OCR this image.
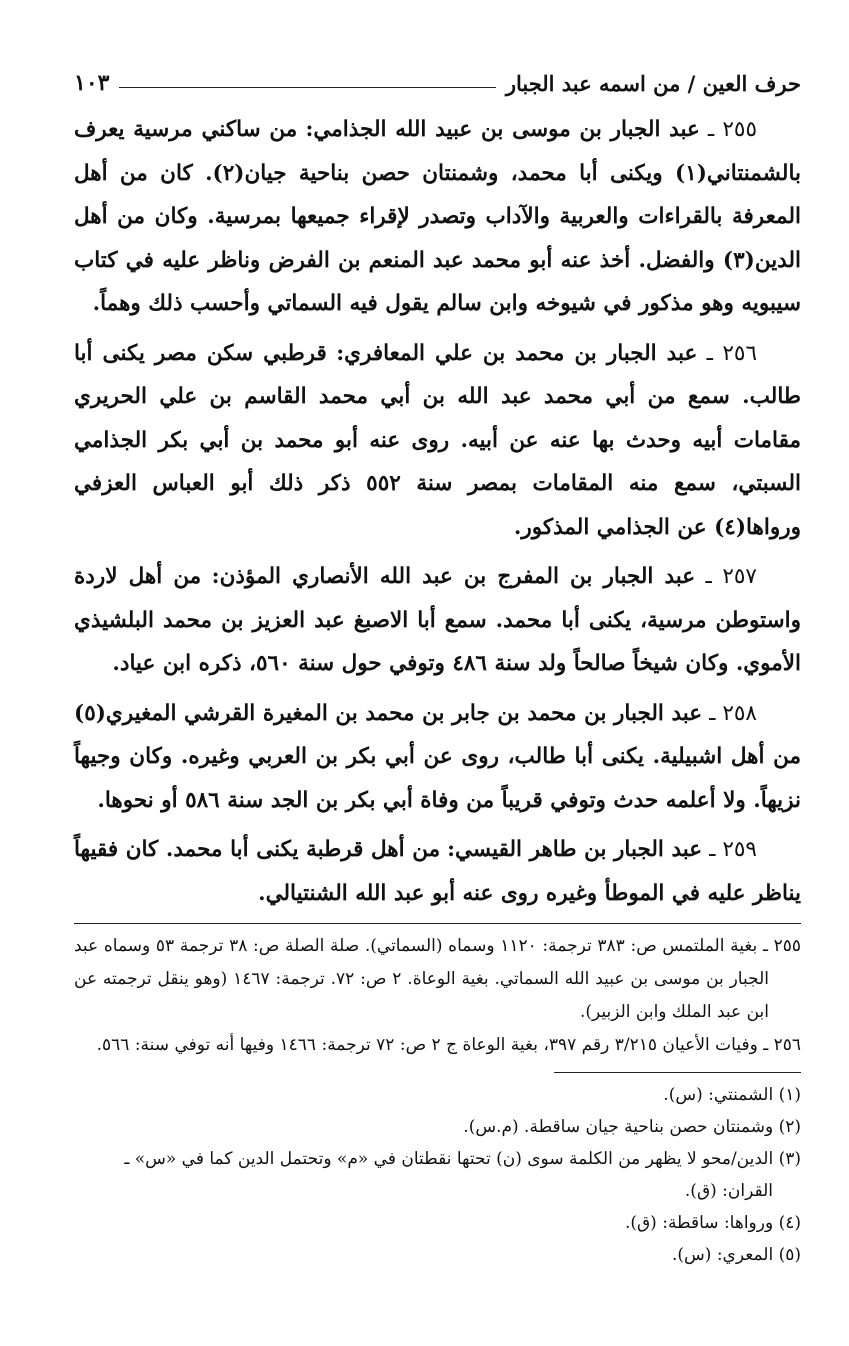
حرف العين / من اسمه عبد الجبار
١٠٣

٢٥٥ ـ عبد الجبار بن موسى بن عبيد الله الجذامي: من ساكني مرسية يعرف بالشمنتاني(١) ويكنى أبا محمد، وشمنتان حصن بناحية جيان(٢). كان من أهل المعرفة بالقراءات والعربية والآداب وتصدر لإقراء جميعها بمرسية. وكان من أهل الدين(٣) والفضل. أخذ عنه أبو محمد عبد المنعم بن الفرض وناظر عليه في كتاب سيبويه وهو مذكور في شيوخه وابن سالم يقول فيه السماتي وأحسب ذلك وهماً.

٢٥٦ ـ عبد الجبار بن محمد بن علي المعافري: قرطبي سكن مصر يكنى أبا طالب. سمع من أبي محمد عبد الله بن أبي محمد القاسم بن علي الحريري مقامات أبيه وحدث بها عنه عن أبيه. روى عنه أبو محمد بن أبي بكر الجذامي السبتي، سمع منه المقامات بمصر سنة ٥٥٢ ذكر ذلك أبو العباس العزفي ورواها(٤) عن الجذامي المذكور.

٢٥٧ ـ عبد الجبار بن المفرج بن عبد الله الأنصاري المؤذن: من أهل لاردة واستوطن مرسية، يكنى أبا محمد. سمع أبا الاصبغ عبد العزيز بن محمد البلشيذي الأموي. وكان شيخاً صالحاً ولد سنة ٤٨٦ وتوفي حول سنة ٥٦٠، ذكره ابن عياد.

٢٥٨ ـ عبد الجبار بن محمد بن جابر بن محمد بن المغيرة القرشي المغيري(٥) من أهل اشبيلية. يكنى أبا طالب، روى عن أبي بكر بن العربي وغيره. وكان وجيهاً نزيهاً. ولا أعلمه حدث وتوفي قريباً من وفاة أبي بكر بن الجد سنة ٥٨٦ أو نحوها.

٢٥٩ ـ عبد الجبار بن طاهر القيسي: من أهل قرطبة يكنى أبا محمد. كان فقيهاً يناظر عليه في الموطأ وغيره روى عنه أبو عبد الله الشنتيالي.

٢٥٥ ـ بغية الملتمس ص: ٣٨٣ ترجمة: ١١٢٠ وسماه (السماتي). صلة الصلة ص: ٣٨ ترجمة ٥٣ وسماه عبد الجبار بن موسى بن عبيد الله السماتي. بغية الوعاة. ٢ ص: ٧٢. ترجمة: ١٤٦٧ (وهو ينقل ترجمته عن ابن عبد الملك وابن الزبير).

٢٥٦ ـ وفيات الأعيان ٣/٢١٥ رقم ٣٩٧، بغية الوعاة ج ٢ ص: ٧٢ ترجمة: ١٤٦٦ وفيها أنه توفي سنة: ٥٦٦.

(١) الشمنتي: (س).

(٢) وشمنتان حصن بناحية جيان ساقطة. (م.س).

(٣) الدين/محو لا يظهر من الكلمة سوى (ن) تحتها نقطتان في «م» وتحتمل الدين كما في «س» ـ القران: (ق).

(٤) ورواها: ساقطة: (ق).

(٥) المعري: (س).
